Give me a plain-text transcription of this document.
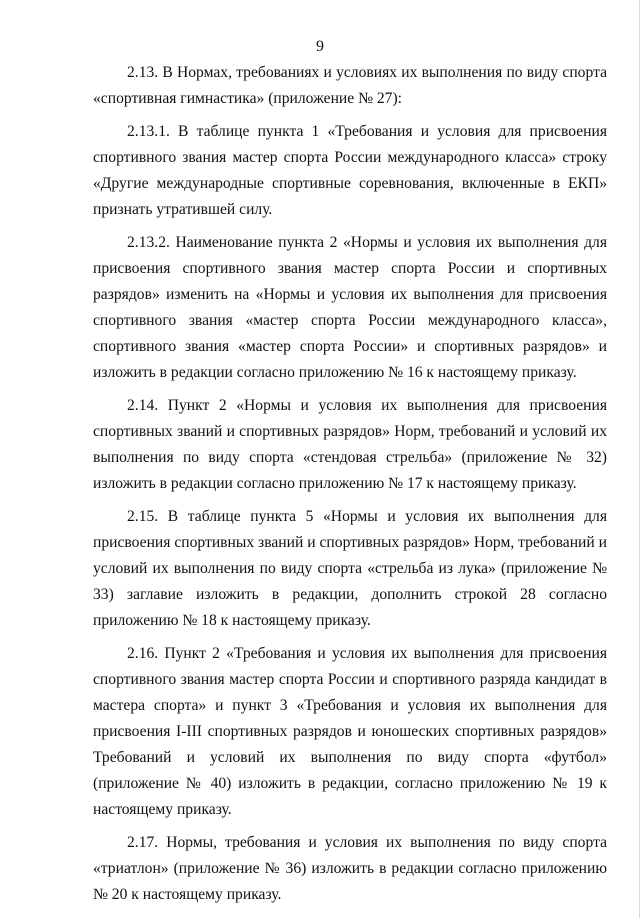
9

2.13. В Нормах, требованиях и условиях их выполнения по виду спорта «спортивная гимнастика» (приложение № 27):

2.13.1. В таблице пункта 1 «Требования и условия для присвоения спортивного звания мастер спорта России международного класса» строку «Другие международные спортивные соревнования, включенные в ЕКП» признать утратившей силу.

2.13.2. Наименование пункта 2 «Нормы и условия их выполнения для присвоения спортивного звания мастер спорта России и спортивных разрядов» изменить на «Нормы и условия их выполнения для присвоения спортивного звания «мастер спорта России международного класса», спортивного звания «мастер спорта России» и спортивных разрядов» и изложить в редакции согласно приложению № 16 к настоящему приказу.

2.14. Пункт 2 «Нормы и условия их выполнения для присвоения спортивных званий и спортивных разрядов» Норм, требований и условий их выполнения по виду спорта «стендовая стрельба» (приложение № 32) изложить в редакции согласно приложению № 17 к настоящему приказу.

2.15. В таблице пункта 5 «Нормы и условия их выполнения для присвоения спортивных званий и спортивных разрядов» Норм, требований и условий их выполнения по виду спорта «стрельба из лука» (приложение № 33) заглавие изложить в редакции, дополнить строкой 28 согласно приложению № 18 к настоящему приказу.

2.16. Пункт 2 «Требования и условия их выполнения для присвоения спортивного звания мастер спорта России и спортивного разряда кандидат в мастера спорта» и пункт 3 «Требования и условия их выполнения для присвоения I-III спортивных разрядов и юношеских спортивных разрядов» Требований и условий их выполнения по виду спорта «футбол» (приложение № 40) изложить в редакции, согласно приложению № 19 к настоящему приказу.

2.17. Нормы, требования и условия их выполнения по виду спорта «триатлон» (приложение № 36) изложить в редакции согласно приложению № 20 к настоящему приказу.
